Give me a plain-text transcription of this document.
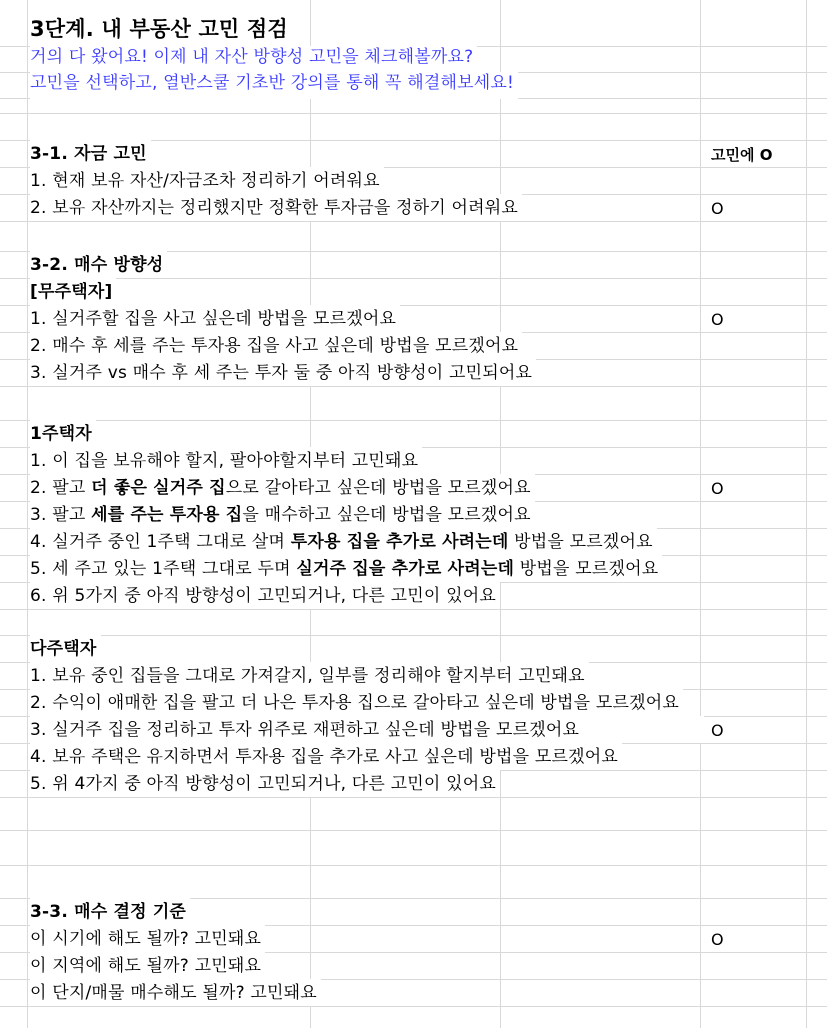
3단계. 내 부동산 고민 점검
거의 다 왔어요! 이제 내 자산 방향성 고민을 체크해볼까요?
고민을 선택하고, 열반스쿨 기초반 강의를 통해 꼭 해결해보세요!
3-1. 자금 고민	고민에 O
1. 현재 보유 자산/자금조차 정리하기 어려워요
2. 보유 자산까지는 정리했지만 정확한 투자금을 정하기 어려워요	O
3-2. 매수 방향성
[무주택자]
1. 실거주할 집을 사고 싶은데 방법을 모르겠어요	O
2. 매수 후 세를 주는 투자용 집을 사고 싶은데 방법을 모르겠어요
3. 실거주 vs 매수 후 세 주는 투자 둘 중 아직 방향성이 고민되어요
1주택자
1. 이 집을 보유해야 할지, 팔아야할지부터 고민돼요
2. 팔고 더 좋은 실거주 집으로 갈아타고 싶은데 방법을 모르겠어요	O
3. 팔고 세를 주는 투자용 집을 매수하고 싶은데 방법을 모르겠어요
4. 실거주 중인 1주택 그대로 살며 투자용 집을 추가로 사려는데 방법을 모르겠어요
5. 세 주고 있는 1주택 그대로 두며 실거주 집을 추가로 사려는데 방법을 모르겠어요
6. 위 5가지 중 아직 방향성이 고민되거나, 다른 고민이 있어요
다주택자
1. 보유 중인 집들을 그대로 가져갈지, 일부를 정리해야 할지부터 고민돼요
2. 수익이 애매한 집을 팔고 더 나은 투자용 집으로 갈아타고 싶은데 방법을 모르겠어요
3. 실거주 집을 정리하고 투자 위주로 재편하고 싶은데 방법을 모르겠어요	O
4. 보유 주택은 유지하면서 투자용 집을 추가로 사고 싶은데 방법을 모르겠어요
5. 위 4가지 중 아직 방향성이 고민되거나, 다른 고민이 있어요
3-3. 매수 결정 기준
이 시기에 해도 될까? 고민돼요	O
이 지역에 해도 될까? 고민돼요
이 단지/매물 매수해도 될까? 고민돼요
